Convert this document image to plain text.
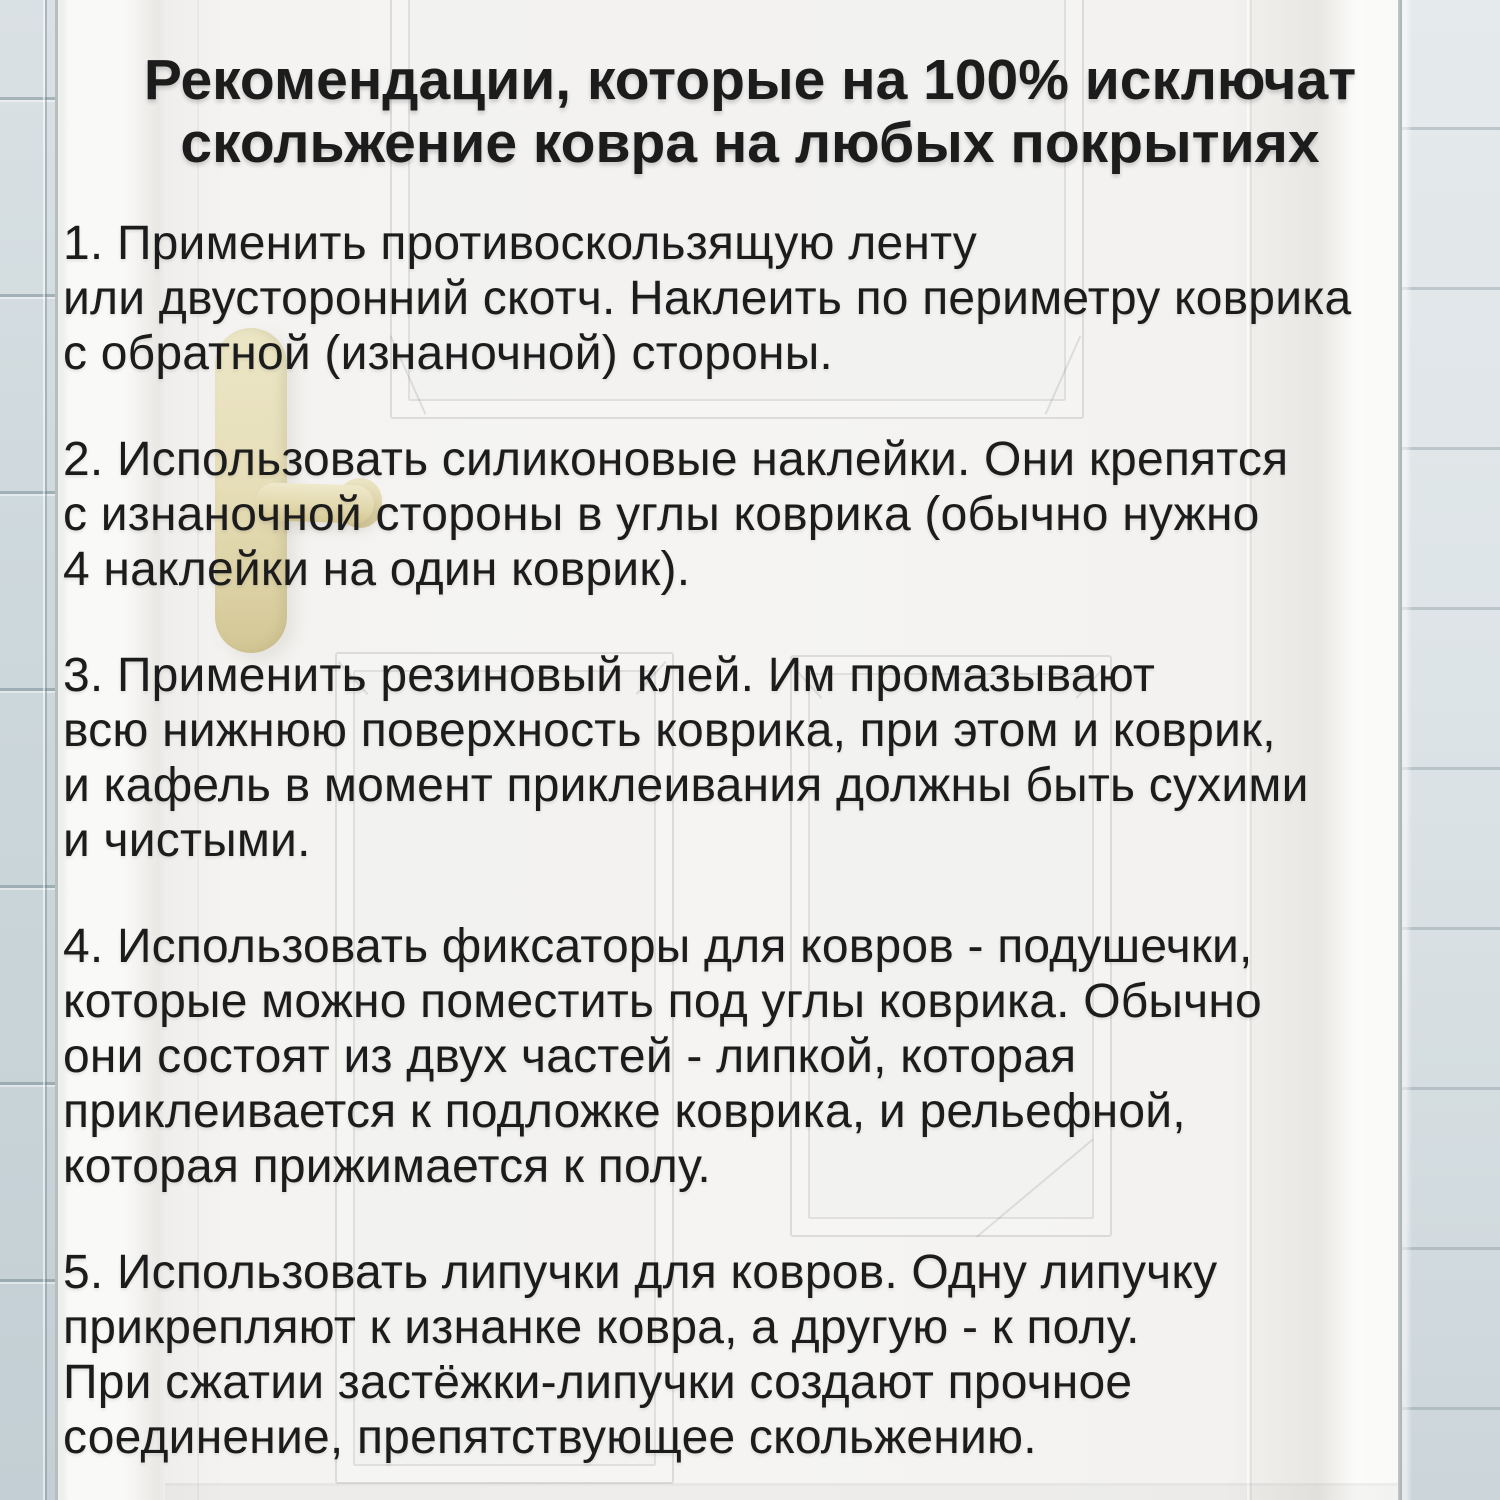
Рекомендации, которые на 100% исключат
скольжение ковра на любых покрытиях
1. Применить противоскользящую ленту
или двусторонний скотч. Наклеить по периметру коврика
с обратной (изнаночной) стороны.
2. Использовать силиконовые наклейки. Они крепятся
с изнаночной стороны в углы коврика (обычно нужно
4 наклейки на один коврик).
3. Применить резиновый клей. Им промазывают
всю нижнюю поверхность коврика, при этом и коврик,
и кафель в момент приклеивания должны быть сухими
и чистыми.
4. Использовать фиксаторы для ковров - подушечки,
которые можно поместить под углы коврика. Обычно
они состоят из двух частей - липкой, которая
приклеивается к подложке коврика, и рельефной,
которая прижимается к полу.
5. Использовать липучки для ковров. Одну липучку
прикрепляют к изнанке ковра, а другую - к полу.
При сжатии застёжки-липучки создают прочное
соединение, препятствующее скольжению.
